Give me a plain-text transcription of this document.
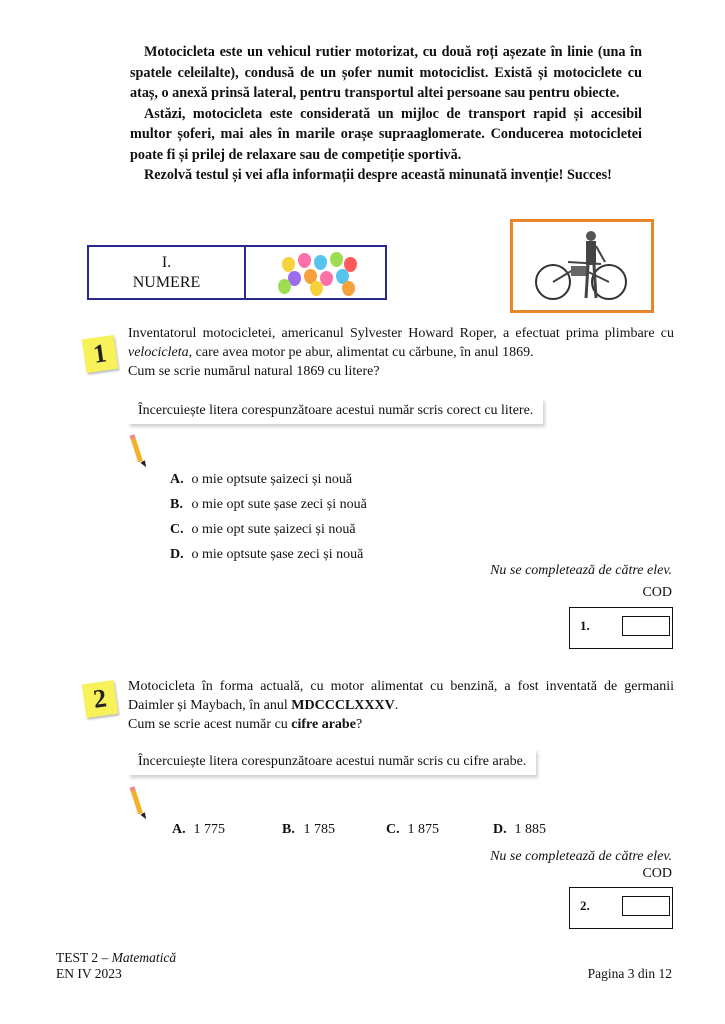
Motocicleta este un vehicul rutier motorizat, cu două roți așezate în linie (una în spatele celeilalte), condusă de un șofer numit motociclist. Există și motociclete cu ataș, o anexă prinsă lateral, pentru transportul altei persoane sau pentru obiecte.

Astăzi, motocicleta este considerată un mijloc de transport rapid și accesibil multor șoferi, mai ales în marile orașe supraaglomerate. Conducerea motocicletei poate fi și prilej de relaxare sau de competiție sportivă.

Rezolvă testul și vei afla informații despre această minunată invenție! Succes!

I.
NUMERE
1
Inventatorul motocicletei, americanul Sylvester Howard Roper, a efectuat prima plimbare cu velocicleta, care avea motor pe abur, alimentat cu cărbune, în anul 1869.
Cum se scrie numărul natural 1869 cu litere?
Încercuiește litera corespunzătoare acestui număr scris corect cu litere.
A. o mie optsute șaizeci și nouă
B. o mie opt sute șase zeci și nouă
C. o mie opt sute șaizeci și nouă
D. o mie optsute șase zeci și nouă
Nu se completează de către elev.
COD
1.
2 Motocicleta în forma actuală, cu motor alimentat cu benzină, a fost inventată de germanii Daimler și Maybach, în anul MDCCCLXXXV.
Cum se scrie acest număr cu cifre arabe?
Încercuiește litera corespunzătoare acestui număr scris cu cifre arabe.
A. 1 775	B. 1 785	C. 1 875	D. 1 885
Nu se completează de către elev.
COD
2.
TEST 2 – Matematică
EN IV 2023	Pagina 3 din 12
